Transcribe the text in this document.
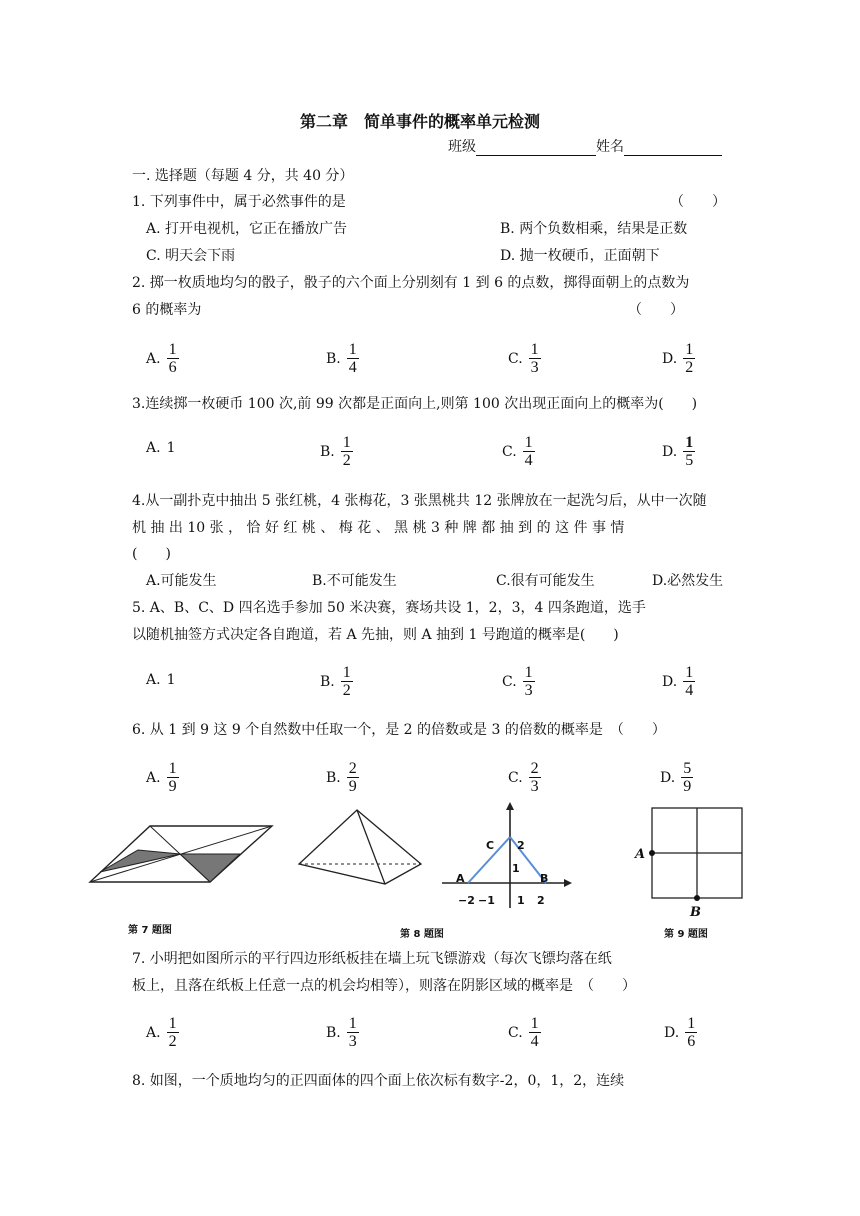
第二章　简单事件的概率单元检测
班级	姓名
一. 选择题（每题 4 分，共 40 分）
1. 下列事件中，属于必然事件的是	（　　）
A. 打开电视机，它正在播放广告	B. 两个负数相乘，结果是正数
C. 明天会下雨	D. 抛一枚硬币，正面朝下
2. 掷一枚质地均匀的骰子，骰子的六个面上分别刻有 1 到 6 的点数，掷得面朝上的点数为
6 的概率为	（　　）
A. $\frac{1}{6}$	B. $\frac{1}{4}$	C. $\frac{1}{3}$	D. $\frac{1}{2}$
3.连续掷一枚硬币 100 次,前 99 次都是正面向上,则第 100 次出现正面向上的概率为(　　)
A. 1	B. $\frac{1}{2}$	C. $\frac{1}{4}$	D. $\frac{1}{5}$
4.从一副扑克中抽出 5 张红桃，4 张梅花，3 张黑桃共 12 张牌放在一起洗匀后，从中一次随
机 抽 出 10 张 ， 恰 好 红 桃 、 梅 花 、 黑 桃 3 种 牌 都 抽 到 的 这 件 事 情
(　　)
A.可能发生	B.不可能发生	C.很有可能发生	D.必然发生
5. A、B、C、D 四名选手参加 50 米决赛，赛场共设 1，2，3，4 四条跑道，选手
以随机抽签方式决定各自跑道，若 A 先抽，则 A 抽到 1 号跑道的概率是(　　)
A. 1	B. $\frac{1}{2}$	C. $\frac{1}{3}$	D. $\frac{1}{4}$
6. 从 1 到 9 这 9 个自然数中任取一个，是 2 的倍数或是 3 的倍数的概率是　（　　）
A. $\frac{1}{9}$	B. $\frac{2}{9}$	C. $\frac{2}{3}$	D. $\frac{5}{9}$
第 7 题图
C 2
1
A	B
−2 −1 1 2
第 8 题图
A
B
第 9 题图
7. 小明把如图所示的平行四边形纸板挂在墙上玩飞镖游戏（每次飞镖均落在纸
板上，且落在纸板上任意一点的机会均相等），则落在阴影区域的概率是　（　　）
A. $\frac{1}{2}$	B. $\frac{1}{3}$	C. $\frac{1}{4}$	D. $\frac{1}{6}$
8. 如图，一个质地均匀的正四面体的四个面上依次标有数字-2，0，1，2，连续
